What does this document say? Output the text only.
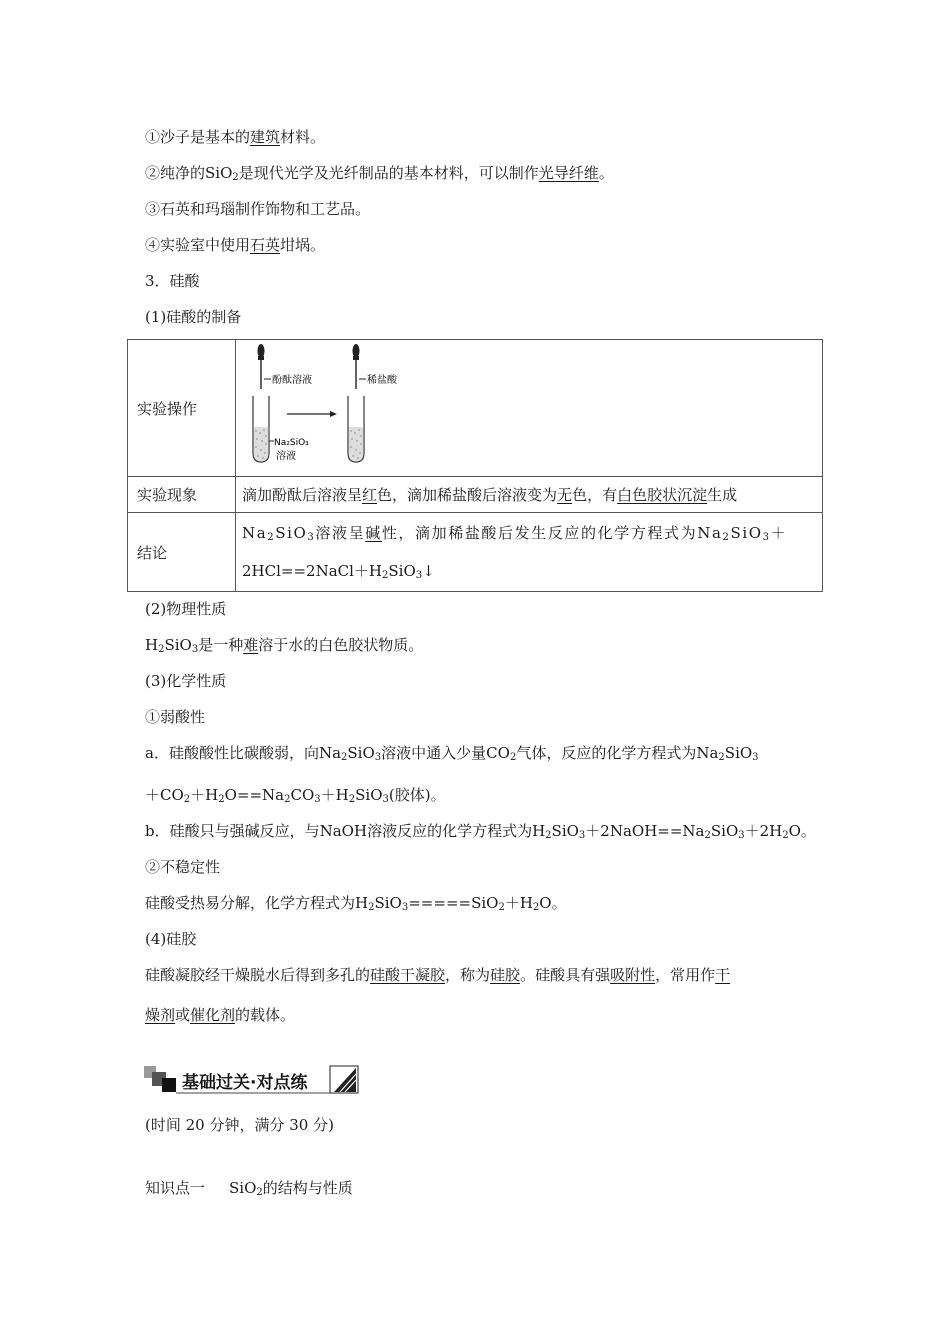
①沙子是基本的建筑材料。
②纯净的SiO$_2$是现代光学及光纤制品的基本材料，可以制作光导纤维。
③石英和玛瑙制作饰物和工艺品。
④实验室中使用石英坩埚。
3．硅酸
(1)硅酸的制备
实验操作	酚酞溶液
Na₂SiO₃
溶液
稀盐酸

实验现象	滴加酚酞后溶液呈红色，滴加稀盐酸后溶液变为无色，有白色胶状沉淀生成
结论	$Na_2SiO_3$溶液呈碱性，滴加稀盐酸后发生反应的化学方程式为$Na_2SiO_3+$
$2HCl==2NaCl+H_2SiO_3↓$
(2)物理性质
$H_2SiO_3$是一种难溶于水的白色胶状物质。
(3)化学性质
①弱酸性
a．硅酸酸性比碳酸弱，向$Na_2SiO_3$溶液中通入少量$CO_2$气体，反应的化学方程式为$Na_2SiO_3$
$+CO_2+H_2O==Na_2CO_3+H_2SiO_3$(胶体)。
b．硅酸只与强碱反应，与NaOH溶液反应的化学方程式为$H_2SiO_3+2NaOH==Na_2SiO_3+2H_2O$。
②不稳定性
硅酸受热易分解，化学方程式为$H_2SiO_3=====SiO_2+H_2O$。
(4)硅胶
硅酸凝胶经干燥脱水后得到多孔的硅酸干凝胶，称为硅胶。硅酸具有强吸附性，常用作干
燥剂或催化剂的载体。
基础过关·对点练
(时间 20 分钟，满分 30 分)
知识点一 SiO$_2$的结构与性质
